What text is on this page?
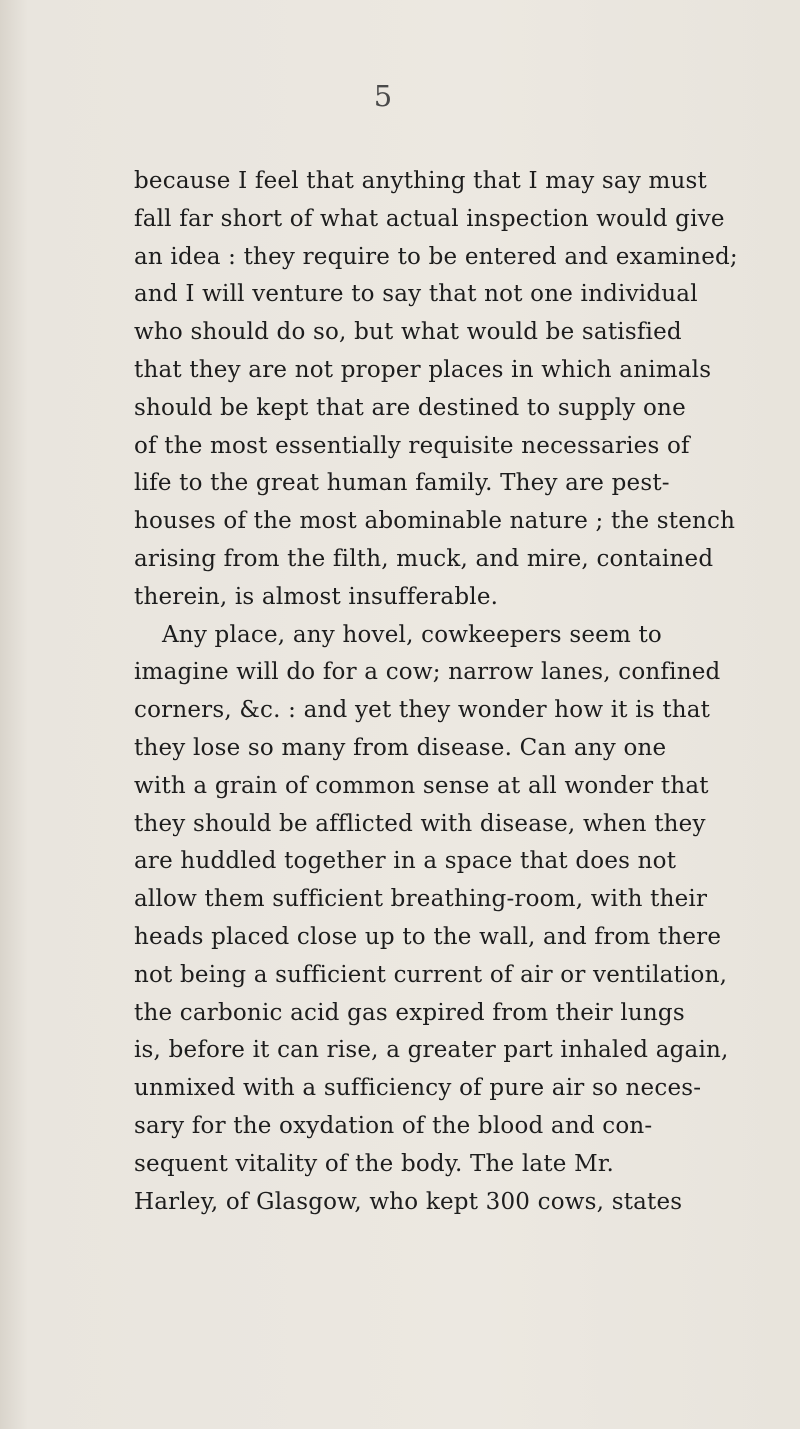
5
because I feel that anything that I may say must
fall far short of what actual inspection would give
an idea : they require to be entered and examined;
and I will venture to say that not one individual
who should do so, but what would be satisfied
that they are not proper places in which animals
should be kept that are destined to supply one
of the most essentially requisite necessaries of
life to the great human family. They are pest-
houses of the most abominable nature ; the stench
arising from the filth, muck, and mire, contained
therein, is almost insufferable.
Any place, any hovel, cowkeepers seem to
imagine will do for a cow; narrow lanes, confined
corners, &c. : and yet they wonder how it is that
they lose so many from disease. Can any one
with a grain of common sense at all wonder that
they should be afflicted with disease, when they
are huddled together in a space that does not
allow them sufficient breathing-room, with their
heads placed close up to the wall, and from there
not being a sufficient current of air or ventilation,
the carbonic acid gas expired from their lungs
is, before it can rise, a greater part inhaled again,
unmixed with a sufficiency of pure air so neces-
sary for the oxydation of the blood and con-
sequent vitality of the body. The late Mr.
Harley, of Glasgow, who kept 300 cows, states
